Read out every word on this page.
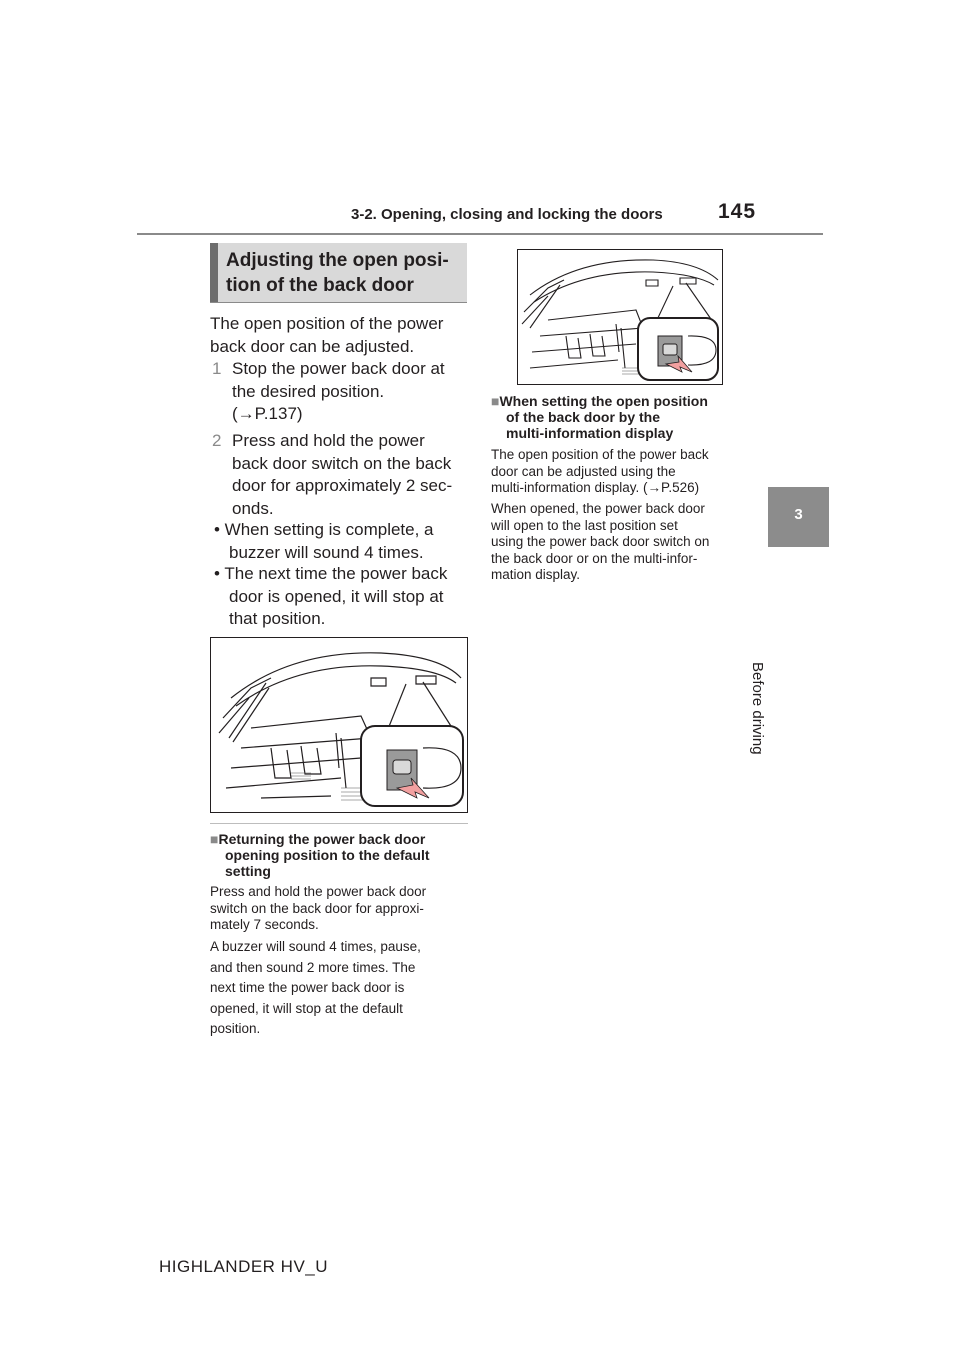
3-2. Opening, closing and locking the doors	145
3
Before driving
Adjusting the open posi-
tion of the back door
The open position of the power
back door can be adjusted.
1 Stop the power back door at
the desired position.
(→P.137)
2 Press and hold the power
back door switch on the back
door for approximately 2 sec-
onds.
• When setting is complete, a
buzzer will sound 4 times.
• The next time the power back
door is opened, it will stop at
that position.
■Returning the power back door
opening position to the default
setting
Press and hold the power back door
switch on the back door for approxi-
mately 7 seconds.
A buzzer will sound 4 times, pause,
and then sound 2 more times. The
next time the power back door is
opened, it will stop at the default
position.
■When setting the open position
of the back door by the
multi-information display
The open position of the power back
door can be adjusted using the
multi-information display. (→P.526)
When opened, the power back door
will open to the last position set
using the power back door switch on
the back door or on the multi-infor-
mation display.
HIGHLANDER HV_U
